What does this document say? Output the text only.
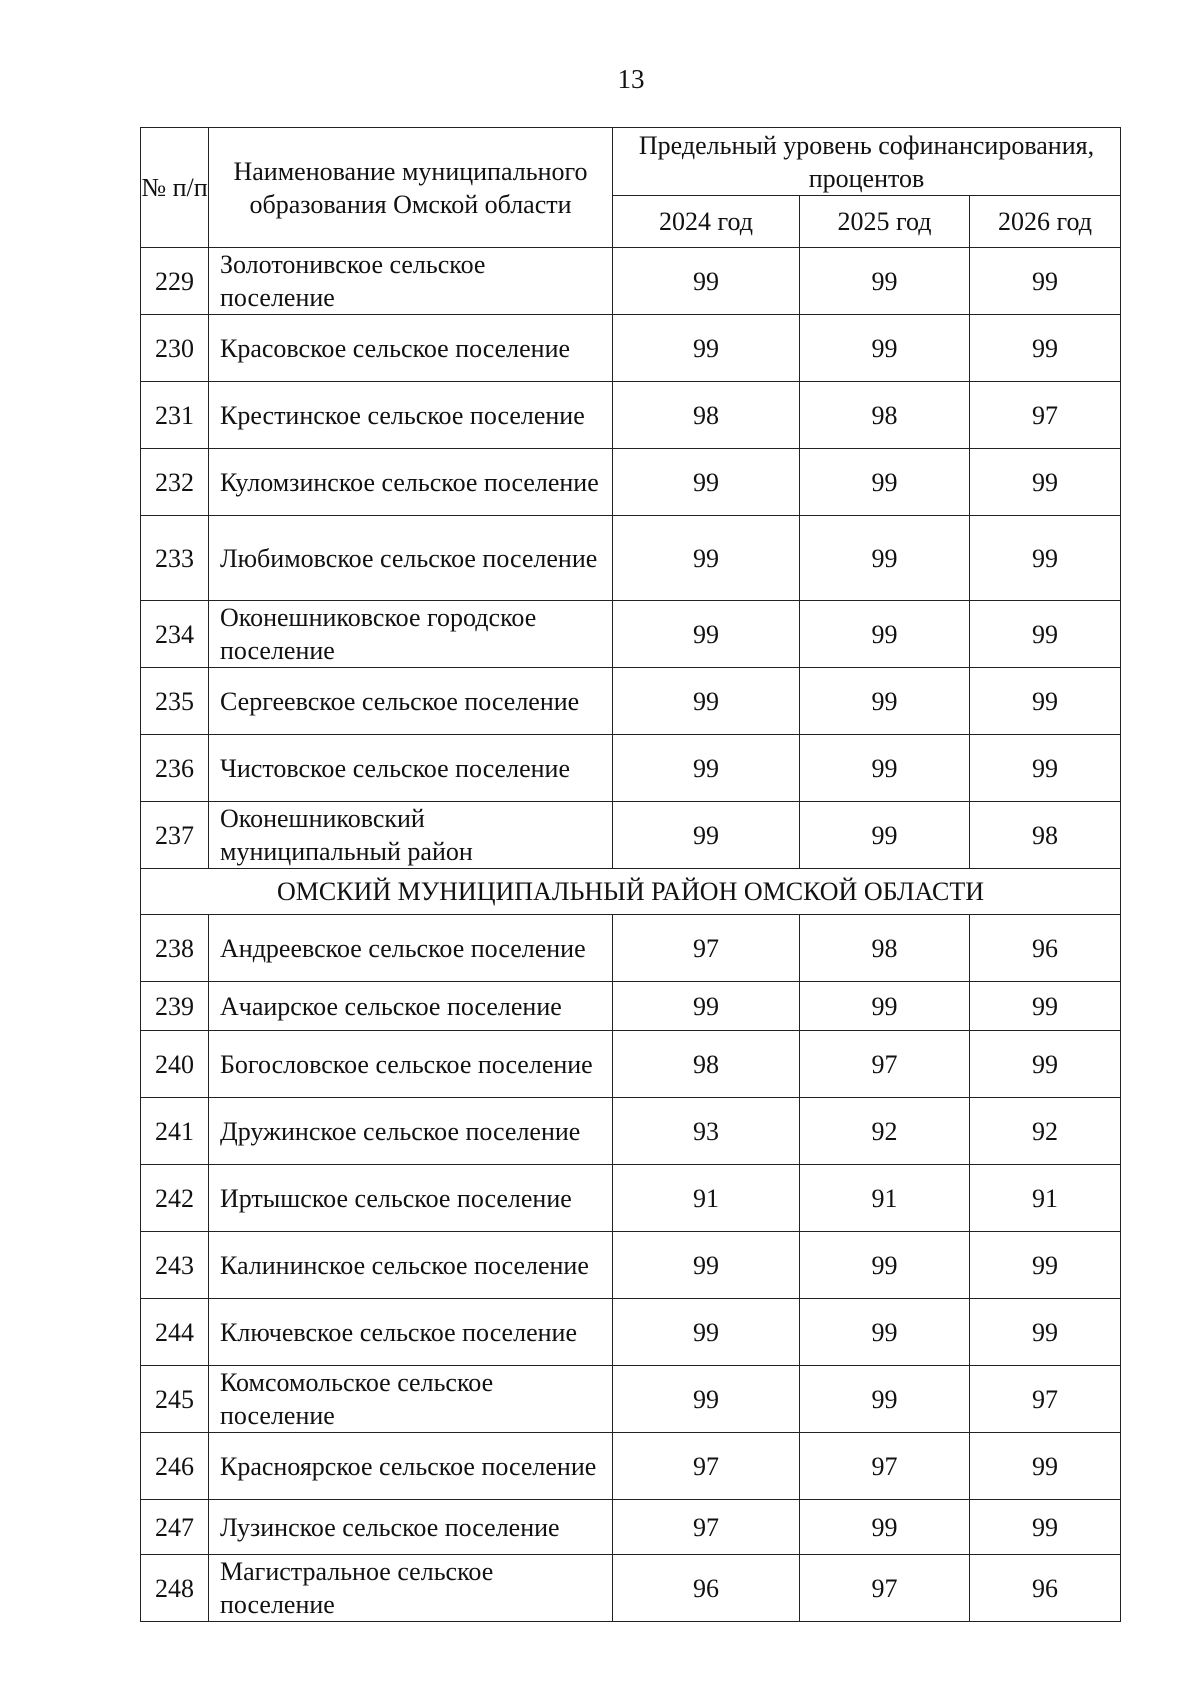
13
№ п/п	Наименование муниципального образования Омской области	Предельный уровень софинансирования, процентов		
		2024 год	2025 год	2026 год
229	Золотонивское сельское поселение	99	99	99
230	Красовское сельское поселение	99	99	99
231	Крестинское сельское поселение	98	98	97
232	Куломзинское сельское поселение	99	99	99
233	Любимовское сельское поселение	99	99	99
234	Оконешниковское городское поселение	99	99	99
235	Сергеевское сельское поселение	99	99	99
236	Чистовское сельское поселение	99	99	99
237	Оконешниковский муниципальный район	99	99	98
ОМСКИЙ МУНИЦИПАЛЬНЫЙ РАЙОН ОМСКОЙ ОБЛАСТИ				
238	Андреевское сельское поселение	97	98	96
239	Ачаирское сельское поселение	99	99	99
240	Богословское сельское поселение	98	97	99
241	Дружинское сельское поселение	93	92	92
242	Иртышское сельское поселение	91	91	91
243	Калининское сельское поселение	99	99	99
244	Ключевское сельское поселение	99	99	99
245	Комсомольское сельское поселение	99	99	97
246	Красноярское сельское поселение	97	97	99
247	Лузинское сельское поселение	97	99	99
248	Магистральное сельское поселение	96	97	96
